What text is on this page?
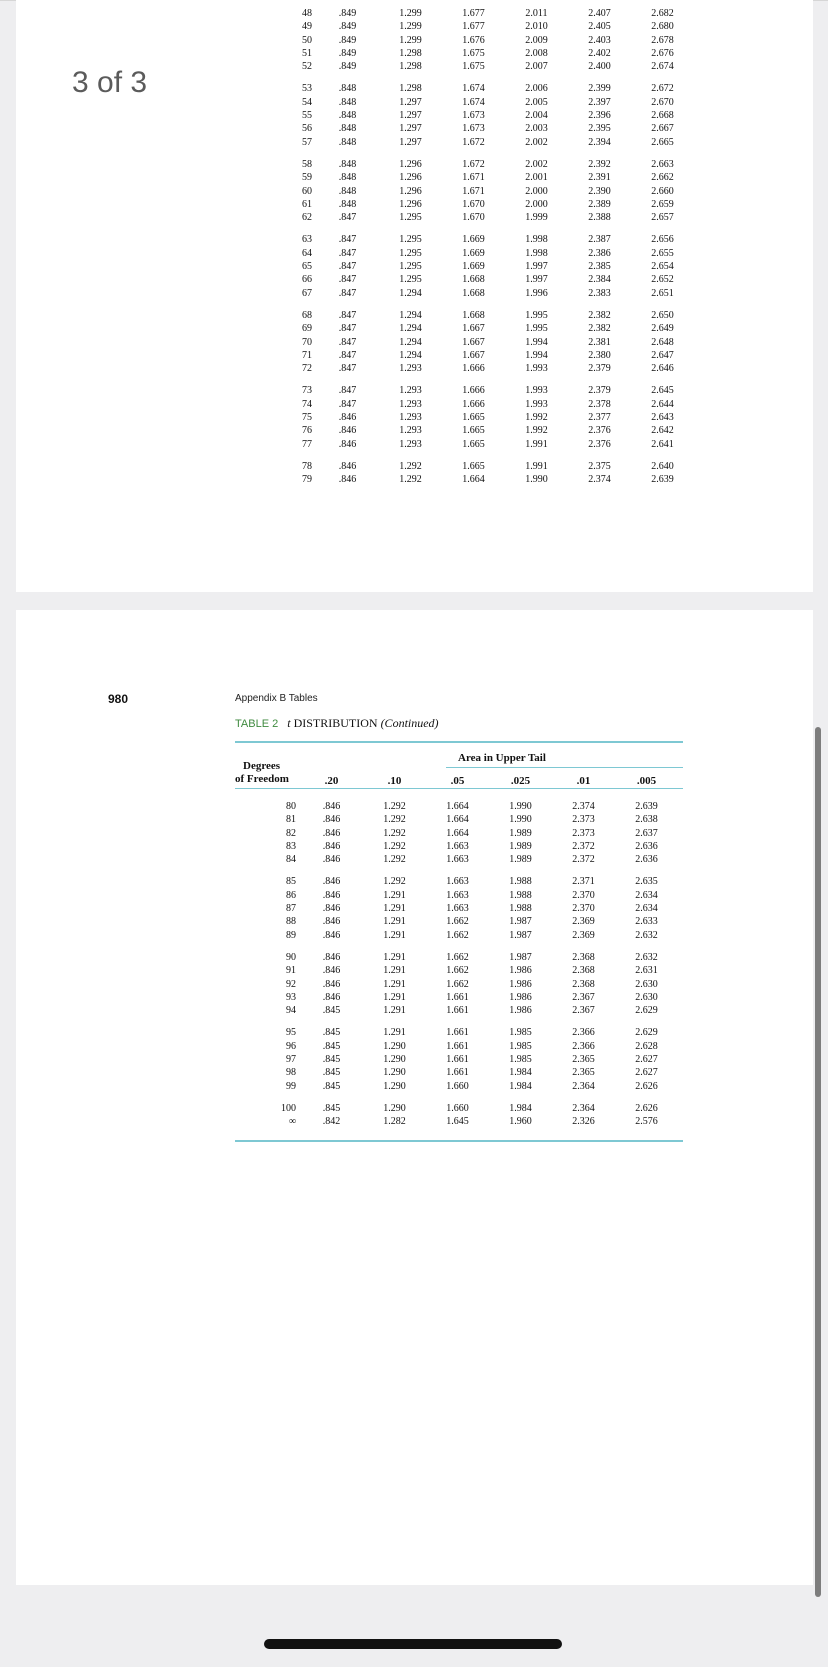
48	.849	1.299	1.677	2.011	2.407	2.682
49	.849	1.299	1.677	2.010	2.405	2.680
50	.849	1.299	1.676	2.009	2.403	2.678
51	.849	1.298	1.675	2.008	2.402	2.676
52	.849	1.298	1.675	2.007	2.400	2.674

53	.848	1.298	1.674	2.006	2.399	2.672
54	.848	1.297	1.674	2.005	2.397	2.670
55	.848	1.297	1.673	2.004	2.396	2.668
56	.848	1.297	1.673	2.003	2.395	2.667
57	.848	1.297	1.672	2.002	2.394	2.665

58	.848	1.296	1.672	2.002	2.392	2.663
59	.848	1.296	1.671	2.001	2.391	2.662
60	.848	1.296	1.671	2.000	2.390	2.660
61	.848	1.296	1.670	2.000	2.389	2.659
62	.847	1.295	1.670	1.999	2.388	2.657

63	.847	1.295	1.669	1.998	2.387	2.656
64	.847	1.295	1.669	1.998	2.386	2.655
65	.847	1.295	1.669	1.997	2.385	2.654
66	.847	1.295	1.668	1.997	2.384	2.652
67	.847	1.294	1.668	1.996	2.383	2.651

68	.847	1.294	1.668	1.995	2.382	2.650
69	.847	1.294	1.667	1.995	2.382	2.649
70	.847	1.294	1.667	1.994	2.381	2.648
71	.847	1.294	1.667	1.994	2.380	2.647
72	.847	1.293	1.666	1.993	2.379	2.646

73	.847	1.293	1.666	1.993	2.379	2.645
74	.847	1.293	1.666	1.993	2.378	2.644
75	.846	1.293	1.665	1.992	2.377	2.643
76	.846	1.293	1.665	1.992	2.376	2.642
77	.846	1.293	1.665	1.991	2.376	2.641

78	.846	1.292	1.665	1.991	2.375	2.640
79	.846	1.292	1.664	1.990	2.374	2.639
3 of 3
980	Appendix B Tables
TABLE 2 t DISTRIBUTION (Continued)
Area in Upper Tail
Degrees
of Freedom	.20	.10	.05	.025	.01	.005
80	.846	1.292	1.664	1.990	2.374	2.639
81	.846	1.292	1.664	1.990	2.373	2.638
82	.846	1.292	1.664	1.989	2.373	2.637
83	.846	1.292	1.663	1.989	2.372	2.636
84	.846	1.292	1.663	1.989	2.372	2.636

85	.846	1.292	1.663	1.988	2.371	2.635
86	.846	1.291	1.663	1.988	2.370	2.634
87	.846	1.291	1.663	1.988	2.370	2.634
88	.846	1.291	1.662	1.987	2.369	2.633
89	.846	1.291	1.662	1.987	2.369	2.632

90	.846	1.291	1.662	1.987	2.368	2.632
91	.846	1.291	1.662	1.986	2.368	2.631
92	.846	1.291	1.662	1.986	2.368	2.630
93	.846	1.291	1.661	1.986	2.367	2.630
94	.845	1.291	1.661	1.986	2.367	2.629

95	.845	1.291	1.661	1.985	2.366	2.629
96	.845	1.290	1.661	1.985	2.366	2.628
97	.845	1.290	1.661	1.985	2.365	2.627
98	.845	1.290	1.661	1.984	2.365	2.627
99	.845	1.290	1.660	1.984	2.364	2.626

100	.845	1.290	1.660	1.984	2.364	2.626
∞	.842	1.282	1.645	1.960	2.326	2.576
